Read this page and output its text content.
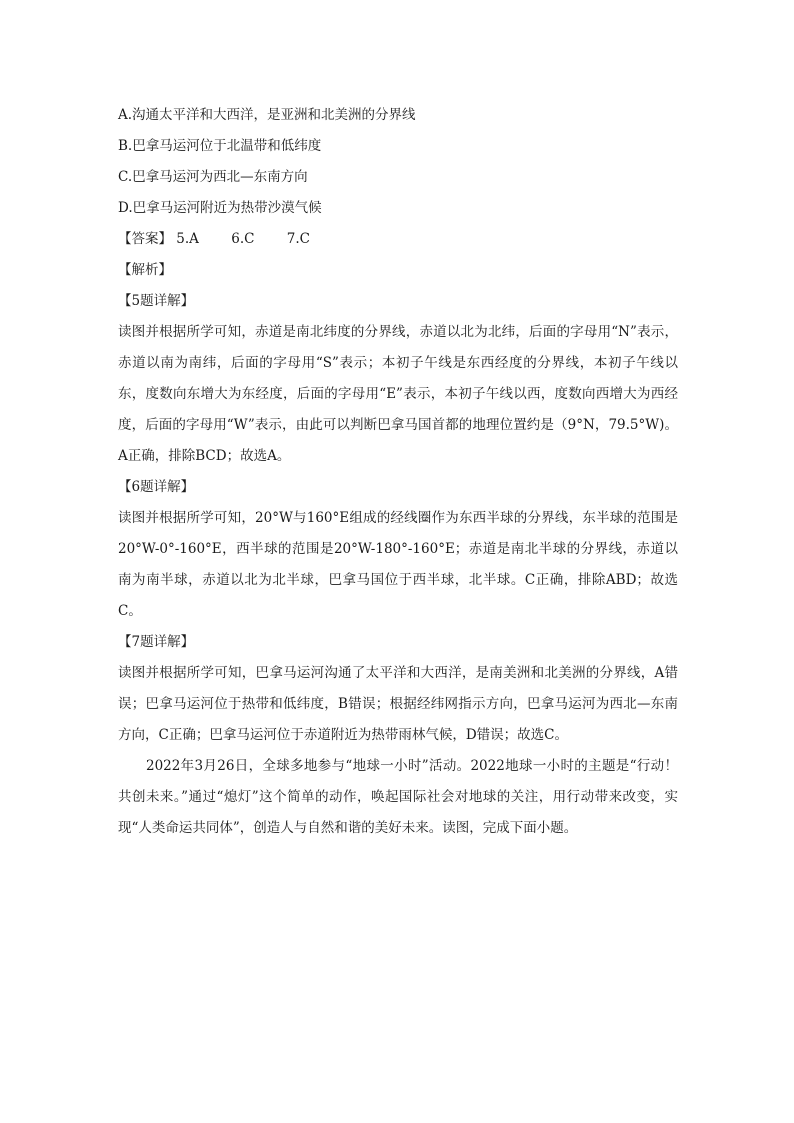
A.沟通太平洋和大西洋，是亚洲和北美洲的分界线
B.巴拿马运河位于北温带和低纬度
C.巴拿马运河为西北—东南方向
D.巴拿马运河附近为热带沙漠气候
【答案】 5.A 6.C 7.C
【解析】
【5题详解】

读图并根据所学可知，赤道是南北纬度的分界线，赤道以北为北纬，后面的字母用“N”表示，赤道以南为南纬，后面的字母用“S”表示；本初子午线是东西经度的分界线，本初子午线以东，度数向东增大为东经度，后面的字母用“E”表示，本初子午线以西，度数向西增大为西经度，后面的字母用“W”表示，由此可以判断巴拿马国首都的地理位置约是（9°N，79.5°W)。A正确，排除BCD；故选A。

【6题详解】

读图并根据所学可知，20°W与160°E组成的经线圈作为东西半球的分界线，东半球的范围是20°W-0°-160°E，西半球的范围是20°W-180°-160°E；赤道是南北半球的分界线，赤道以南为南半球，赤道以北为北半球，巴拿马国位于西半球，北半球。C正确，排除ABD；故选C。

【7题详解】

读图并根据所学可知，巴拿马运河沟通了太平洋和大西洋，是南美洲和北美洲的分界线，A错误；巴拿马运河位于热带和低纬度，B错误；根据经纬网指示方向，巴拿马运河为西北—东南方向，C正确；巴拿马运河位于赤道附近为热带雨林气候，D错误；故选C。

2022年3月26日，全球多地参与“地球一小时”活动。2022地球一小时的主题是“行动！共创未来。”通过“熄灯”这个简单的动作，唤起国际社会对地球的关注，用行动带来改变，实现“人类命运共同体”，创造人与自然和谐的美好未来。读图，完成下面小题。
